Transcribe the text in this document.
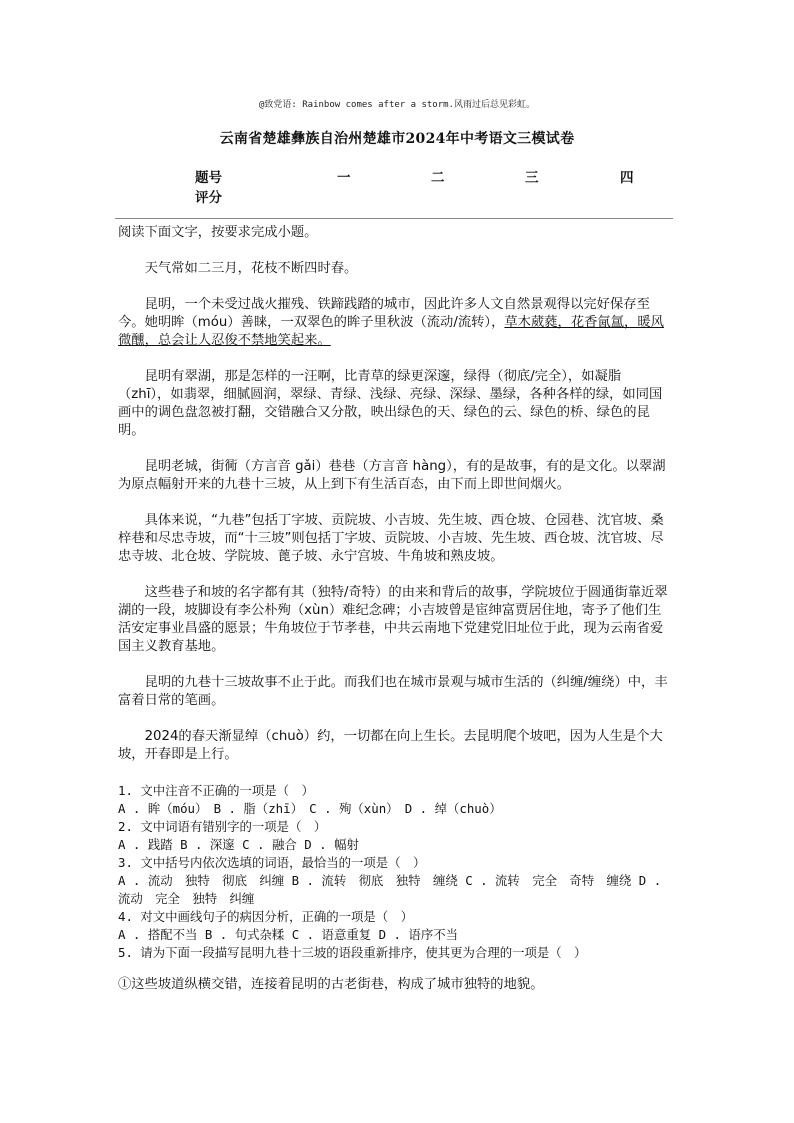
@致党语: Rainbow comes after a storm.风雨过后总见彩虹。
云南省楚雄彝族自治州楚雄市2024年中考语文三模试卷
题号	一	二	三	四
评分

阅读下面文字，按要求完成小题。

天气常如二三月，花枝不断四时春。

昆明，一个未受过战火摧残、铁蹄践踏的城市，因此许多人文自然景观得以完好保存至今。她明眸（móu）善睐，一双翠色的眸子里秋波（流动/流转），草木葳蕤，花香氤氲，暖风微醺，总会让人忍俊不禁地笑起来。

昆明有翠湖，那是怎样的一汪啊，比青草的绿更深邃，绿得（彻底/完全），如凝脂（zhī），如翡翠，细腻圆润，翠绿、青绿、浅绿、亮绿、深绿、墨绿，各种各样的绿，如同国画中的调色盘忽被打翻，交错融合又分散，映出绿色的天、绿色的云、绿色的桥、绿色的昆明。

昆明老城，街衕（方言音 gǎi）巷巷（方言音 hàng），有的是故事，有的是文化。以翠湖为原点幅射开来的九巷十三坡，从上到下有生活百态，由下而上即世间烟火。

具体来说，“九巷”包括丁字坡、贡院坡、小吉坡、先生坡、西仓坡、仓园巷、沈官坡、桑梓巷和尽忠寺坡，而“十三坡”则包括丁字坡、贡院坡、小吉坡、先生坡、西仓坡、沈官坡、尽忠寺坡、北仓坡、学院坡、蓖子坡、永宁宫坡、牛角坡和熟皮坡。

这些巷子和坡的名字都有其（独特/奇特）的由来和背后的故事，学院坡位于圆通街靠近翠湖的一段，坡脚设有李公朴殉（xùn）难纪念碑；小吉坡曾是宦绅富贾居住地，寄予了他们生活安定事业昌盛的愿景；牛角坡位于节孝巷，中共云南地下党建党旧址位于此，现为云南省爱国主义教育基地。

昆明的九巷十三坡故事不止于此。而我们也在城市景观与城市生活的（纠缠/缠绕）中，丰富着日常的笔画。

2024的春天渐显绰（chuò）约，一切都在向上生长。去昆明爬个坡吧，因为人生是个大坡，开春即是上行。

1. 文中注音不正确的一项是（　）

A . 眸（móu）　B . 脂（zhī）　C . 殉（xùn）　D . 绰（chuò）

2. 文中词语有错别字的一项是（　）

A . 践踏 B . 深邃 C . 融合 D . 幅射

3. 文中括号内依次选填的词语，最恰当的一项是（　）

A . 流动　独特　彻底　纠缠 B . 流转　彻底　独特　缠绕 C . 流转　完全　奇特　缠绕 D . 流动　完全　独特　纠缠

4. 对文中画线句子的病因分析，正确的一项是（　）

A . 搭配不当 B . 句式杂糅 C . 语意重复 D . 语序不当

5. 请为下面一段描写昆明九巷十三坡的语段重新排序，使其更为合理的一项是（　）

①这些坡道纵横交错，连接着昆明的古老街巷，构成了城市独特的地貌。
